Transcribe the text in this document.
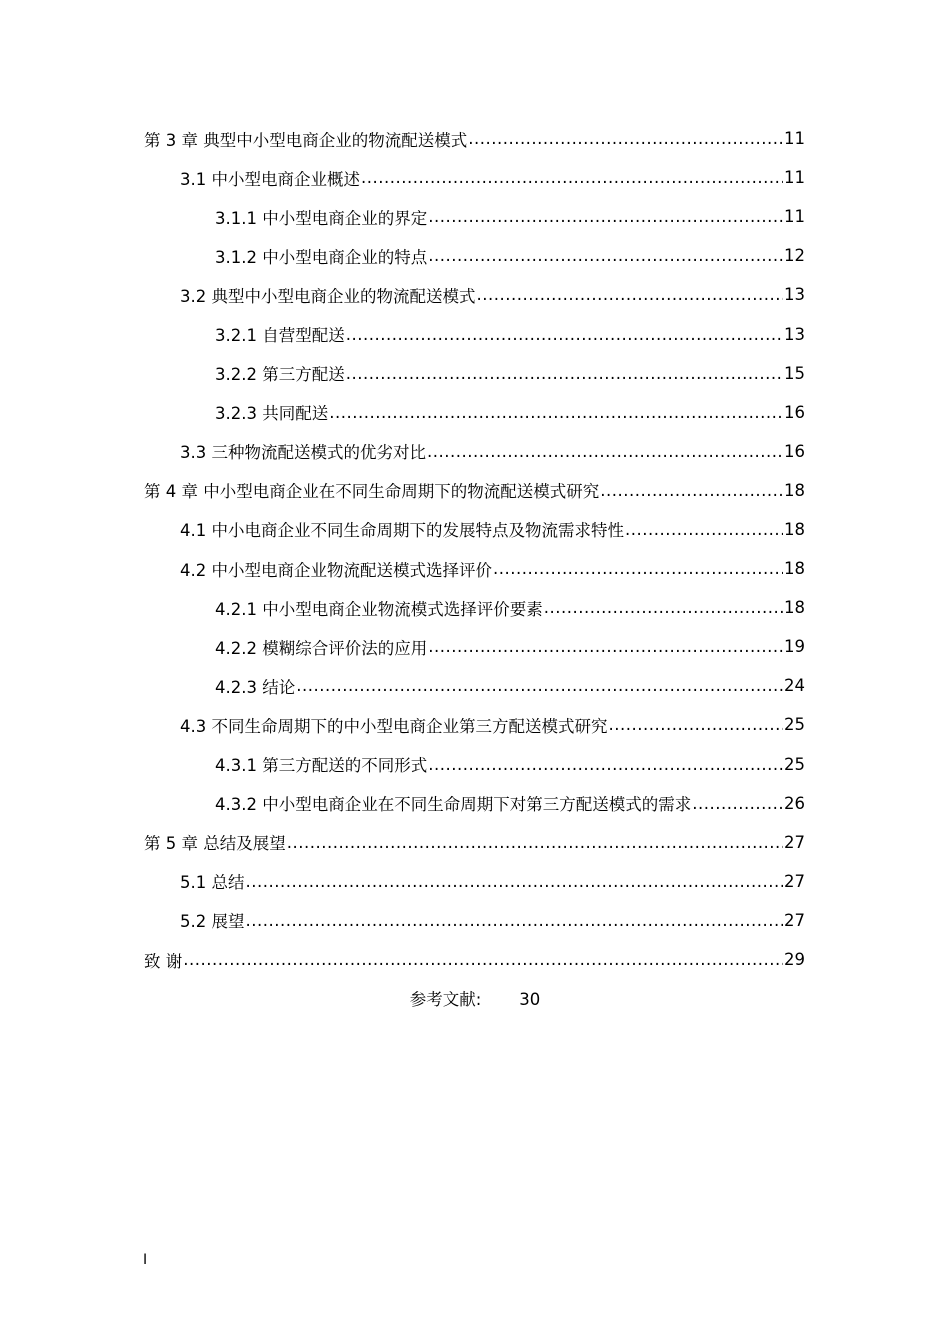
第 3 章 典型中小型电商企业的物流配送模式 .....	11
3.1 中小型电商企业概述 .....	11
3.1.1 中小型电商企业的界定 .....	11
3.1.2 中小型电商企业的特点 .....	12
3.2 典型中小型电商企业的物流配送模式 .....	13
3.2.1 自营型配送 .....	13
3.2.2 第三方配送 .....	15
3.2.3 共同配送 .....	16
3.3 三种物流配送模式的优劣对比 .....	16
第 4 章 中小型电商企业在不同生命周期下的物流配送模式研究 .....	18
4.1 中小电商企业不同生命周期下的发展特点及物流需求特性 .....	18
4.2 中小型电商企业物流配送模式选择评价 .....	18
4.2.1 中小型电商企业物流模式选择评价要素 .....	18
4.2.2 模糊综合评价法的应用 .....	19
4.2.3 结论 .....	24
4.3 不同生命周期下的中小型电商企业第三方配送模式研究 .....	25
4.3.1 第三方配送的不同形式 .....	25
4.3.2 中小型电商企业在不同生命周期下对第三方配送模式的需求 .....	26
第 5 章 总结及展望 .....	27
5.1 总结 .....	27
5.2 展望 .....	27
致 谢 .....	29
参考文献: 30
I
